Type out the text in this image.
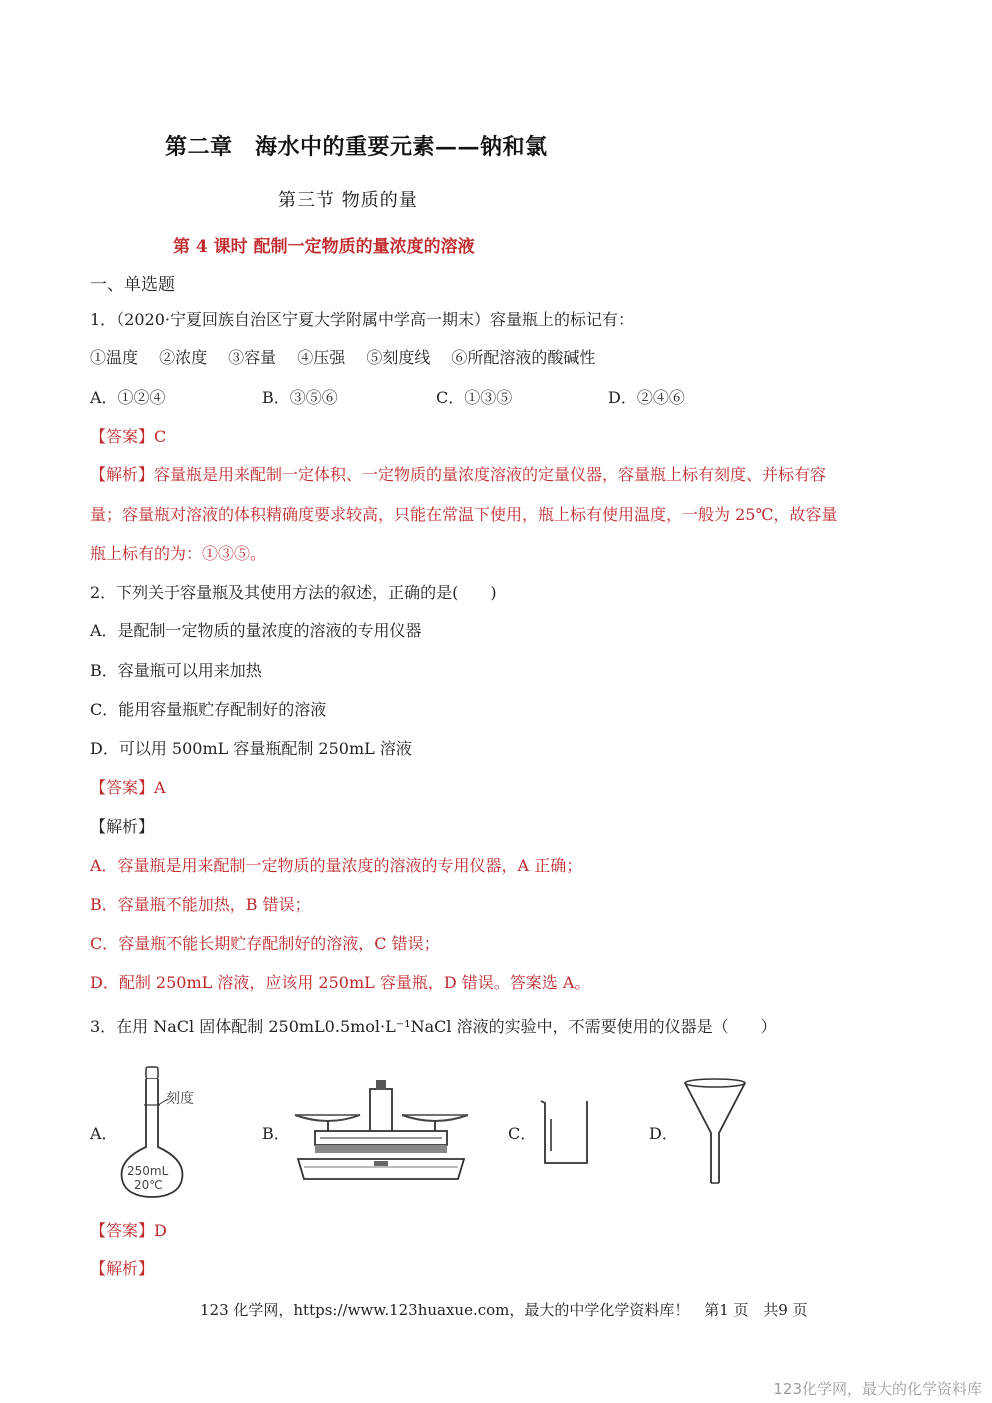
第二章　海水中的重要元素——钠和氯
第三节 物质的量
第 4 课时 配制一定物质的量浓度的溶液
一、单选题
1．（2020·宁夏回族自治区宁夏大学附属中学高一期末）容量瓶上的标记有：
①温度　 ②浓度　 ③容量　 ④压强　 ⑤刻度线　 ⑥所配溶液的酸碱性
A．①②④	B．③⑤⑥	C．①③⑤	D．②④⑥
【答案】C
【解析】容量瓶是用来配制一定体积、一定物质的量浓度溶液的定量仪器，容量瓶上标有刻度、并标有容
量；容量瓶对溶液的体积精确度要求较高，只能在常温下使用，瓶上标有使用温度，一般为 25℃，故容量
瓶上标有的为：①③⑤。
2．下列关于容量瓶及其使用方法的叙述，正确的是(　　)
A．是配制一定物质的量浓度的溶液的专用仪器
B．容量瓶可以用来加热
C．能用容量瓶贮存配制好的溶液
D．可以用 500mL 容量瓶配制 250mL 溶液
【答案】A
【解析】
A．容量瓶是用来配制一定物质的量浓度的溶液的专用仪器，A 正确；
B．容量瓶不能加热，B 错误；
C．容量瓶不能长期贮存配制好的溶液，C 错误；
D．配制 250mL 溶液，应该用 250mL 容量瓶，D 错误。答案选 A。
3．在用 NaCl 固体配制 250mL0.5mol·L⁻¹NaCl 溶液的实验中，不需要使用的仪器是（　　）
A．
刻度
250mL
20℃
B．	C．	D．
【答案】D
【解析】
123 化学网，https://www.123huaxue.com，最大的中学化学资料库！ 第1 页 共9 页
123化学网，最大的化学资料库
